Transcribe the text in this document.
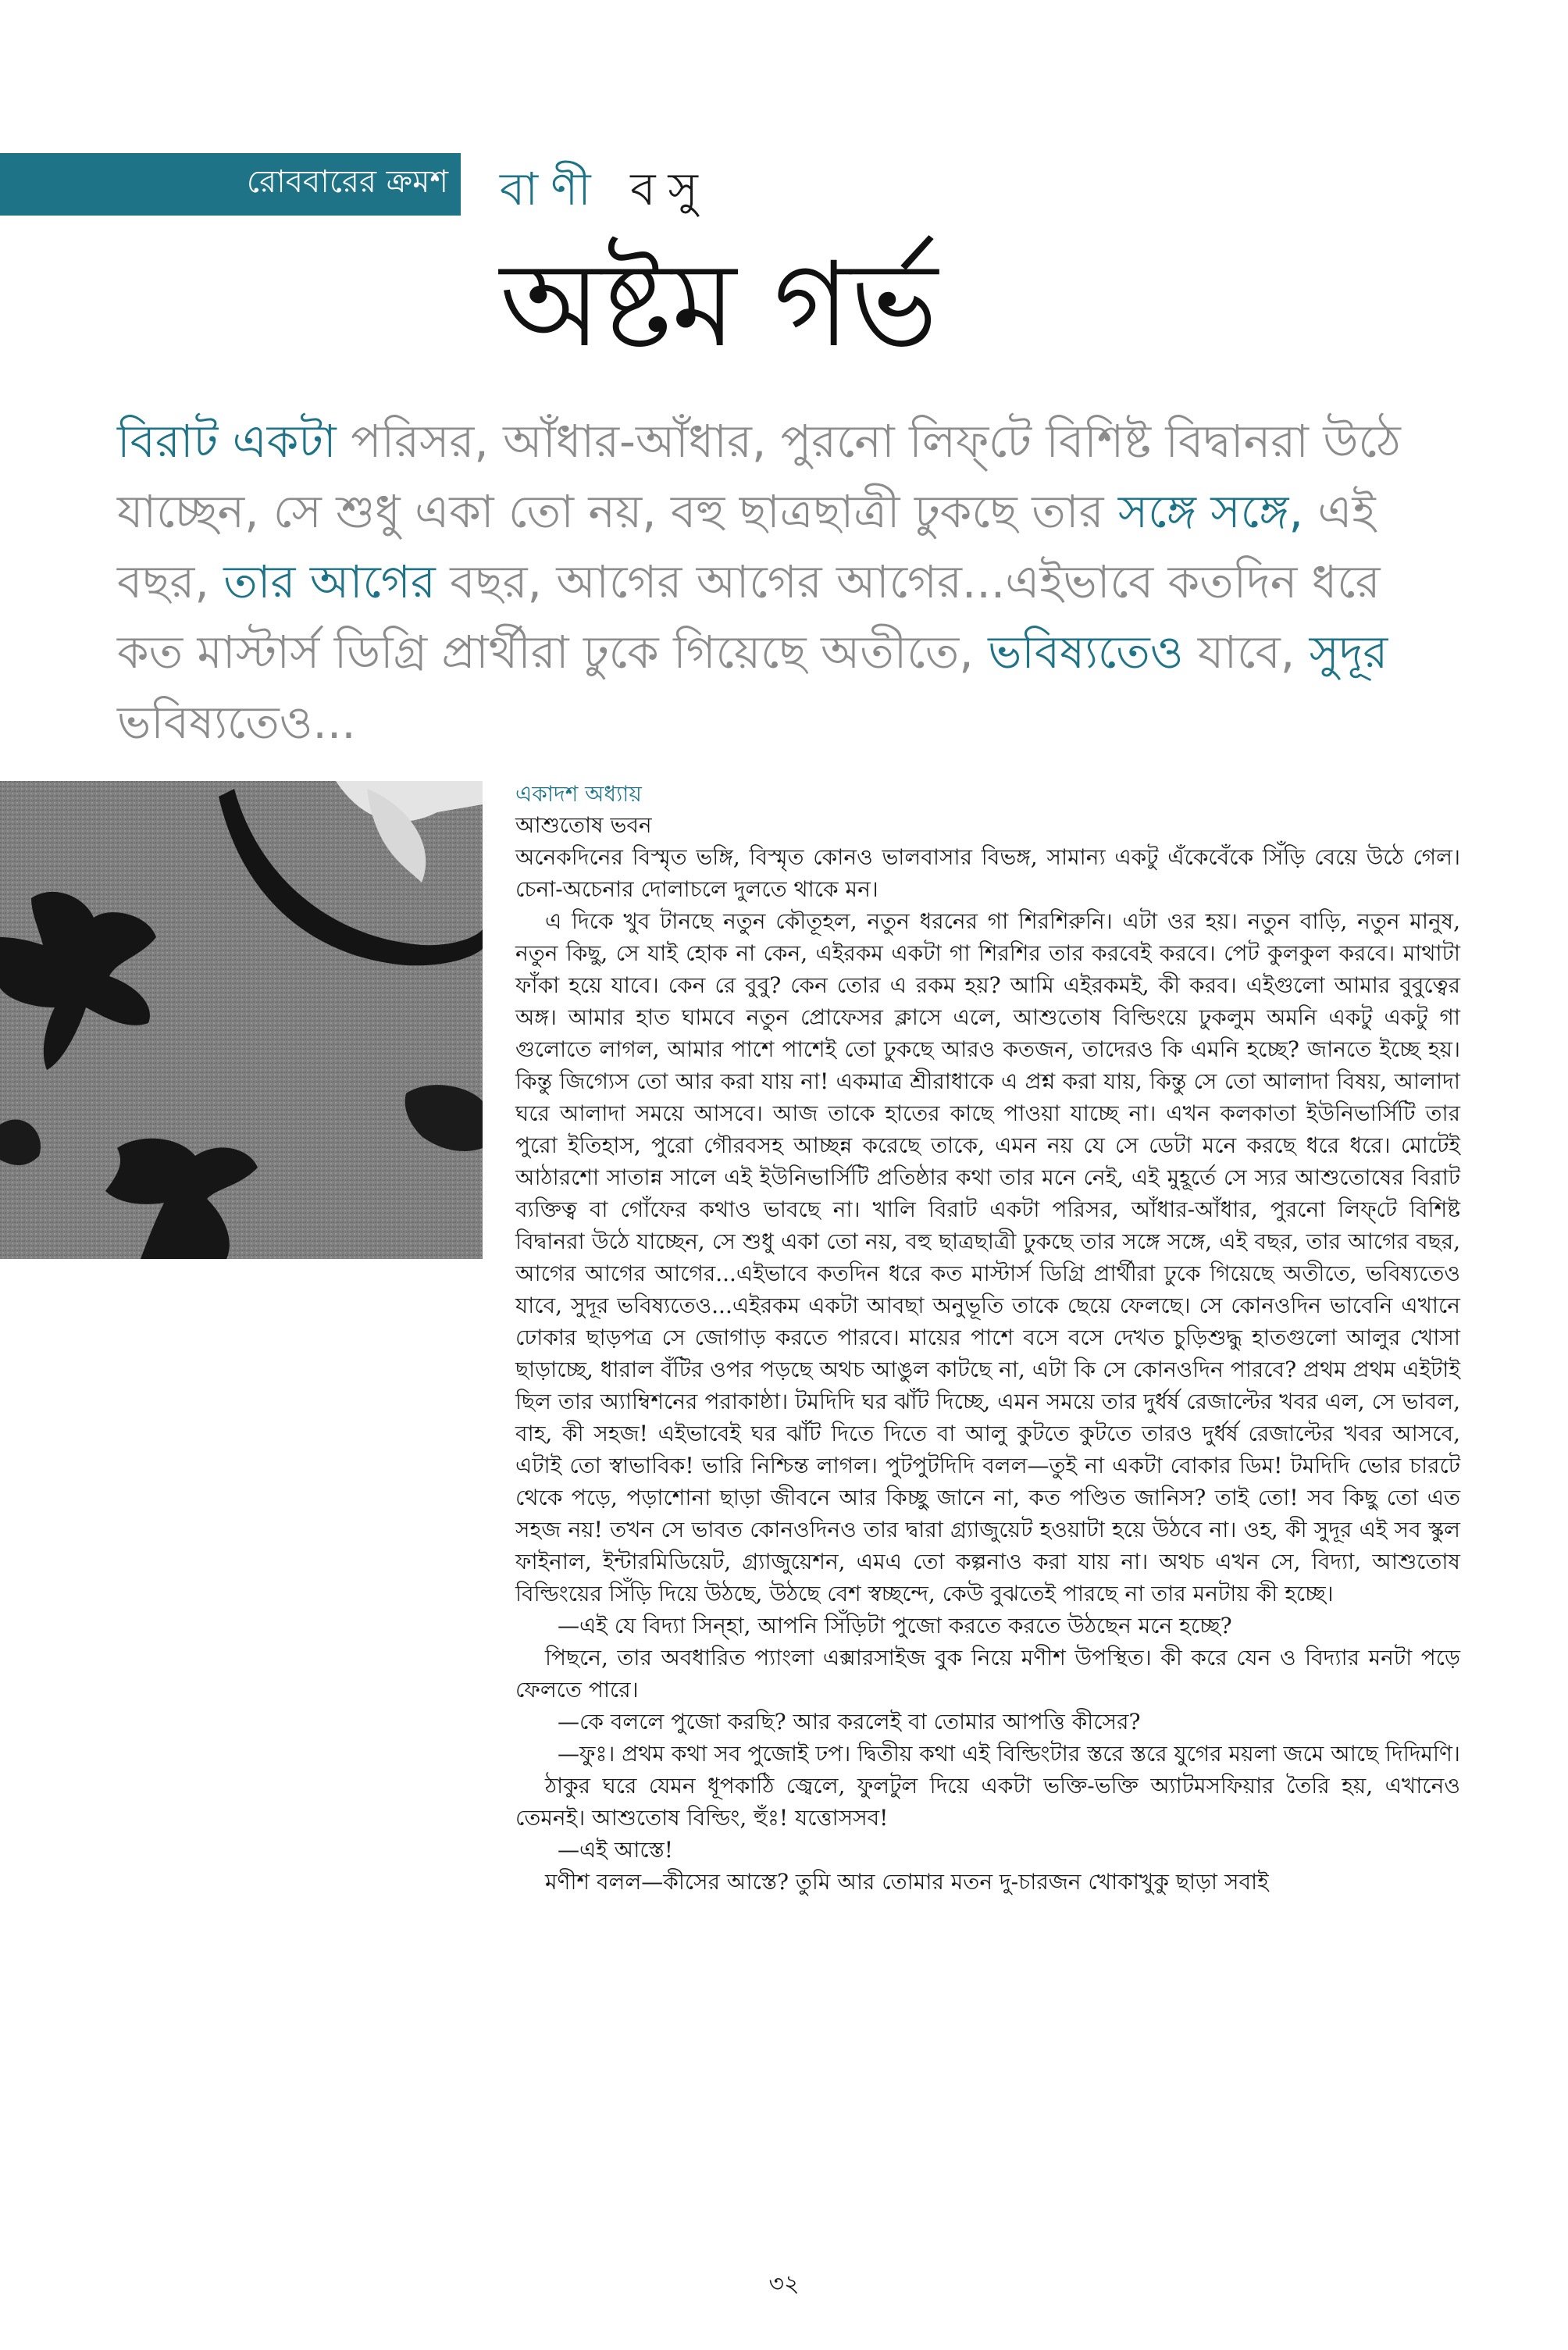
রোববারের ক্রমশ বাণী বসু
অষ্টম গর্ভ
বিরাট একটা পরিসর, আঁধার-আঁধার, পুরনো লিফ্‌টে বিশিষ্ট বিদ্বানরা উঠে যাচ্ছেন, সে শুধু একা তো নয়, বহু ছাত্রছাত্রী ঢুকছে তার সঙ্গে সঙ্গে, এই বছর, তার আগের বছর, আগের আগের আগের...এইভাবে কতদিন ধরে কত মাস্টার্স ডিগ্রি প্রার্থীরা ঢুকে গিয়েছে অতীতে, ভবিষ্যতেও যাবে, সুদূর ভবিষ্যতেও...
একাদশ অধ্যায়

আশুতোষ ভবন

অনেকদিনের বিস্মৃত ভঙ্গি, বিস্মৃত কোনও ভালবাসার বিভঙ্গ, সামান্য একটু এঁকেবেঁকে সিঁড়ি বেয়ে উঠে গেল। চেনা-অচেনার দোলাচলে দুলতে থাকে মন।

এ দিকে খুব টানছে নতুন কৌতূহল, নতুন ধরনের গা শিরশিরুনি। এটা ওর হয়। নতুন বাড়ি, নতুন মানুষ, নতুন কিছু, সে যাই হোক না কেন, এইরকম একটা গা শিরশির তার করবেই করবে। পেট কুলকুল করবে। মাথাটা ফাঁকা হয়ে যাবে। কেন রে বুবু? কেন তোর এ রকম হয়? আমি এইরকমই, কী করব। এইগুলো আমার বুবুত্বের অঙ্গ। আমার হাত ঘামবে নতুন প্রোফেসর ক্লাসে এলে, আশুতোষ বিল্ডিংয়ে ঢুকলুম অমনি একটু একটু গা গুলোতে লাগল, আমার পাশে পাশেই তো ঢুকছে আরও কতজন, তাদেরও কি এমনি হচ্ছে? জানতে ইচ্ছে হয়। কিন্তু জিগ্যেস তো আর করা যায় না! একমাত্র শ্রীরাধাকে এ প্রশ্ন করা যায়, কিন্তু সে তো আলাদা বিষয়, আলাদা ঘরে আলাদা সময়ে আসবে। আজ তাকে হাতের কাছে পাওয়া যাচ্ছে না। এখন কলকাতা ইউনিভার্সিটি তার পুরো ইতিহাস, পুরো গৌরবসহ আচ্ছন্ন করেছে তাকে, এমন নয় যে সে ডেটা মনে করছে ধরে ধরে। মোটেই আঠারশো সাতান্ন সালে এই ইউনিভার্সিটি প্রতিষ্ঠার কথা তার মনে নেই, এই মুহূর্তে সে স্যর আশুতোষের বিরাট ব্যক্তিত্ব বা গোঁফের কথাও ভাবছে না। খালি বিরাট একটা পরিসর, আঁধার-আঁধার, পুরনো লিফ্‌টে বিশিষ্ট বিদ্বানরা উঠে যাচ্ছেন, সে শুধু একা তো নয়, বহু ছাত্রছাত্রী ঢুকছে তার সঙ্গে সঙ্গে, এই বছর, তার আগের বছর, আগের আগের আগের...এইভাবে কতদিন ধরে কত মাস্টার্স ডিগ্রি প্রার্থীরা ঢুকে গিয়েছে অতীতে, ভবিষ্যতেও যাবে, সুদূর ভবিষ্যতেও...এইরকম একটা আবছা অনুভূতি তাকে ছেয়ে ফেলছে। সে কোনওদিন ভাবেনি এখানে ঢোকার ছাড়পত্র সে জোগাড় করতে পারবে। মায়ের পাশে বসে বসে দেখত চুড়িশুদ্ধু হাতগুলো আলুর খোসা ছাড়াচ্ছে, ধারাল বঁটির ওপর পড়ছে অথচ আঙুল কাটছে না, এটা কি সে কোনওদিন পারবে? প্রথম প্রথম এইটাই ছিল তার অ্যাম্বিশনের পরাকাষ্ঠা। টমদিদি ঘর ঝাঁট দিচ্ছে, এমন সময়ে তার দুর্ধর্ষ রেজাল্টের খবর এল, সে ভাবল, বাহ, কী সহজ! এইভাবেই ঘর ঝাঁট দিতে দিতে বা আলু কুটতে কুটতে তারও দুর্ধর্ষ রেজাল্টের খবর আসবে, এটাই তো স্বাভাবিক! ভারি নিশ্চিন্ত লাগল। পুটপুটদিদি বলল—তুই না একটা বোকার ডিম! টমদিদি ভোর চারটে থেকে পড়ে, পড়াশোনা ছাড়া জীবনে আর কিচ্ছু জানে না, কত পণ্ডিত জানিস? তাই তো! সব কিছু তো এত সহজ নয়! তখন সে ভাবত কোনওদিনও তার দ্বারা গ্র্যাজুয়েট হওয়াটা হয়ে উঠবে না। ওহ, কী সুদূর এই সব স্কুল ফাইনাল, ইন্টারমিডিয়েট, গ্র্যাজুয়েশন, এমএ তো কল্পনাও করা যায় না। অথচ এখন সে, বিদ্যা, আশুতোষ বিল্ডিংয়ের সিঁড়ি দিয়ে উঠছে, উঠছে বেশ স্বচ্ছন্দে, কেউ বুঝতেই পারছে না তার মনটায় কী হচ্ছে।

—এই যে বিদ্যা সিন্‌হা, আপনি সিঁড়িটা পুজো করতে করতে উঠছেন মনে হচ্ছে?

পিছনে, তার অবধারিত প্যাংলা এক্সারসাইজ বুক নিয়ে মণীশ উপস্থিত। কী করে যেন ও বিদ্যার মনটা পড়ে ফেলতে পারে।

—কে বললে পুজো করছি? আর করলেই বা তোমার আপত্তি কীসের?

—ফুঃ। প্রথম কথা সব পুজোই ঢপ। দ্বিতীয় কথা এই বিল্ডিংটার স্তরে স্তরে যুগের ময়লা জমে আছে দিদিমণি।

ঠাকুর ঘরে যেমন ধূপকাঠি জ্বেলে, ফুলটুল দিয়ে একটা ভক্তি-ভক্তি অ্যাটমসফিয়ার তৈরি হয়, এখানেও তেমনই। আশুতোষ বিল্ডিং, হুঁঃ! যত্তোসসব!

—এই আস্তে!

মণীশ বলল—কীসের আস্তে? তুমি আর তোমার মতন দু-চারজন খোকাখুকু ছাড়া সবাই

৩২
